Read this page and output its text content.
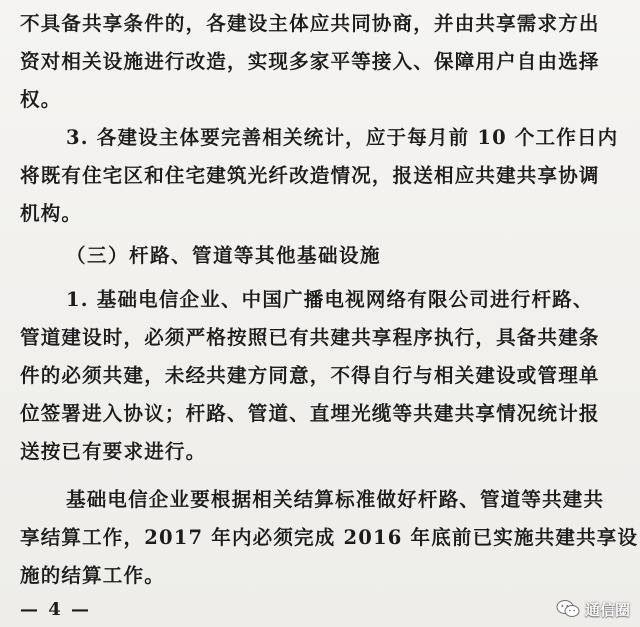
不具备共享条件的，各建设主体应共同协商，并由共享需求方出
资对相关设施进行改造，实现多家平等接入、保障用户自由选择
权。
3. 各建设主体要完善相关统计，应于每月前 10 个工作日内
将既有住宅区和住宅建筑光纤改造情况，报送相应共建共享协调
机构。
（三）杆路、管道等其他基础设施
1. 基础电信企业、中国广播电视网络有限公司进行杆路、
管道建设时，必须严格按照已有共建共享程序执行，具备共建条
件的必须共建，未经共建方同意，不得自行与相关建设或管理单
位签署进入协议；杆路、管道、直埋光缆等共建共享情况统计报
送按已有要求进行。
基础电信企业要根据相关结算标准做好杆路、管道等共建共
享结算工作，2017 年内必须完成 2016 年底前已实施共建共享设
施的结算工作。
— 4 —	通信圈
